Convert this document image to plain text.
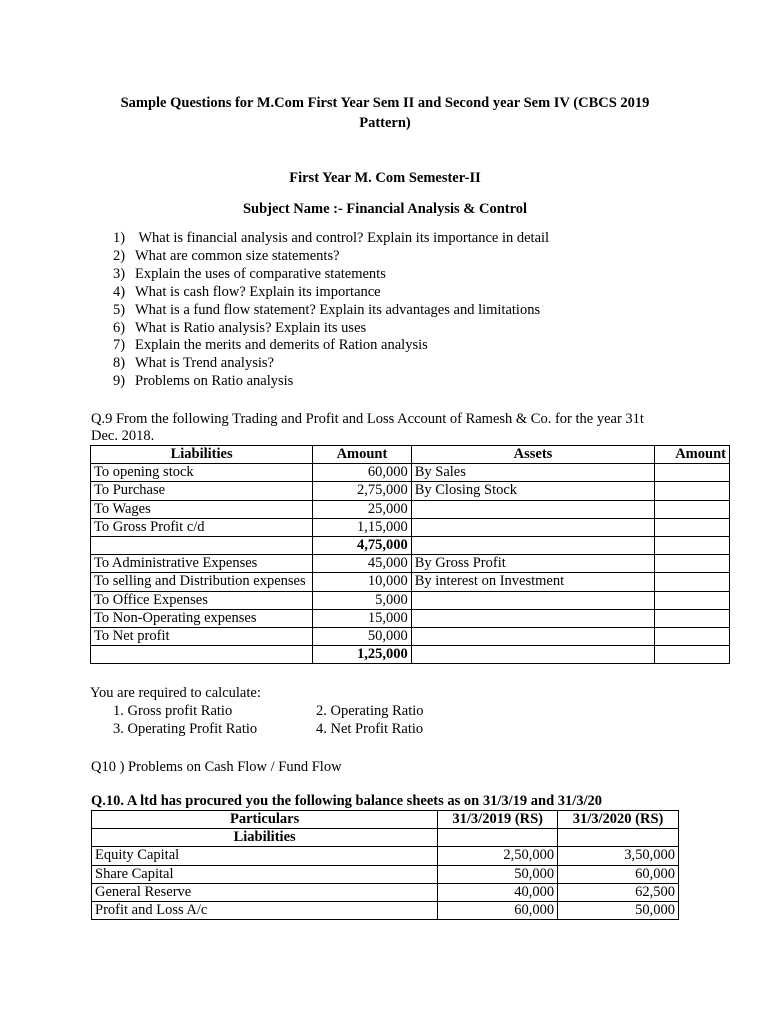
Sample Questions for M.Com First Year Sem II and Second year Sem IV (CBCS 2019
Pattern)
First Year M. Com Semester-II
Subject Name :- Financial Analysis & Control
1) What is financial analysis and control? Explain its importance in detail
2) What are common size statements?
3) Explain the uses of comparative statements
4) What is cash flow? Explain its importance
5) What is a fund flow statement? Explain its advantages and limitations
6) What is Ratio analysis? Explain its uses
7) Explain the merits and demerits of Ration analysis
8) What is Trend analysis?
9) Problems on Ratio analysis
Q.9 From the following Trading and Profit and Loss Account of Ramesh & Co. for the year 31t
Dec. 2018.
Liabilities	Amount	Assets	Amount
To opening stock	60,000	By Sales	
To Purchase	2,75,000	By Closing Stock	
To Wages	25,000		
To Gross Profit c/d	1,15,000		
	4,75,000		
To Administrative Expenses	45,000	By Gross Profit	
To selling and Distribution expenses	10,000	By interest on Investment	
To Office Expenses	5,000		
To Non-Operating expenses	15,000		
To Net profit	50,000		
	1,25,000		
You are required to calculate:
1. Gross profit Ratio
3. Operating Profit Ratio
2. Operating Ratio
4. Net Profit Ratio
Q10 ) Problems on Cash Flow / Fund Flow
Q.10. A ltd has procured you the following balance sheets as on 31/3/19 and 31/3/20
Particulars	31/3/2019 (RS)	31/3/2020 (RS)
Liabilities		
Equity Capital	2,50,000	3,50,000
Share Capital	50,000	60,000
General Reserve	40,000	62,500
Profit and Loss A/c	60,000	50,000
